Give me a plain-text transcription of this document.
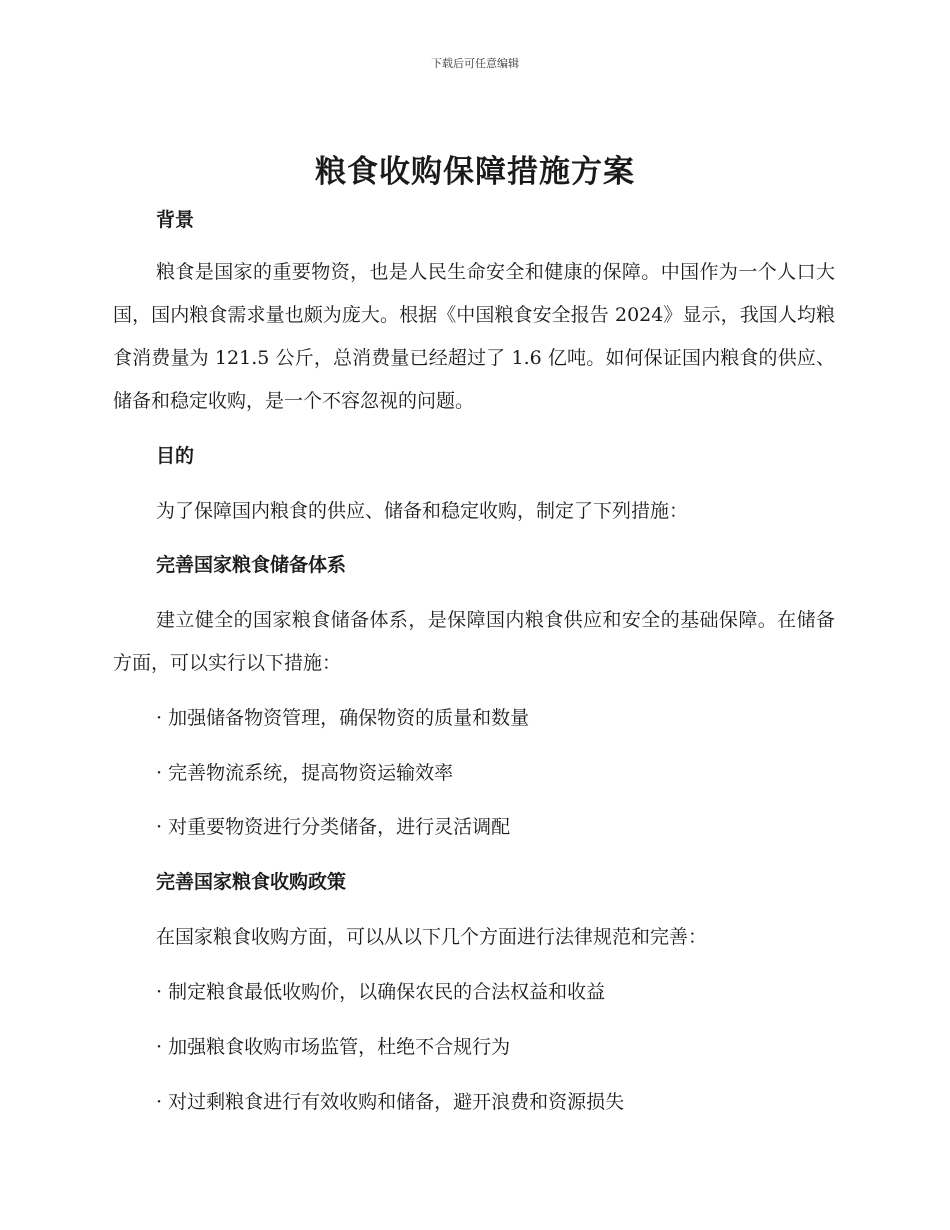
下载后可任意编辑
粮食收购保障措施方案
背景
粮食是国家的重要物资，也是人民生命安全和健康的保障。中国作为一个人口大国，国内粮食需求量也颇为庞大。根据《中国粮食安全报告 2024》显示，我国人均粮食消费量为 121.5 公斤，总消费量已经超过了 1.6 亿吨。如何保证国内粮食的供应、储备和稳定收购，是一个不容忽视的问题。
目的
为了保障国内粮食的供应、储备和稳定收购，制定了下列措施：
完善国家粮食储备体系
建立健全的国家粮食储备体系，是保障国内粮食供应和安全的基础保障。在储备方面，可以实行以下措施：
· 加强储备物资管理，确保物资的质量和数量
· 完善物流系统，提高物资运输效率
· 对重要物资进行分类储备，进行灵活调配
完善国家粮食收购政策
在国家粮食收购方面，可以从以下几个方面进行法律规范和完善：
· 制定粮食最低收购价，以确保农民的合法权益和收益
· 加强粮食收购市场监管，杜绝不合规行为
· 对过剩粮食进行有效收购和储备，避开浪费和资源损失
